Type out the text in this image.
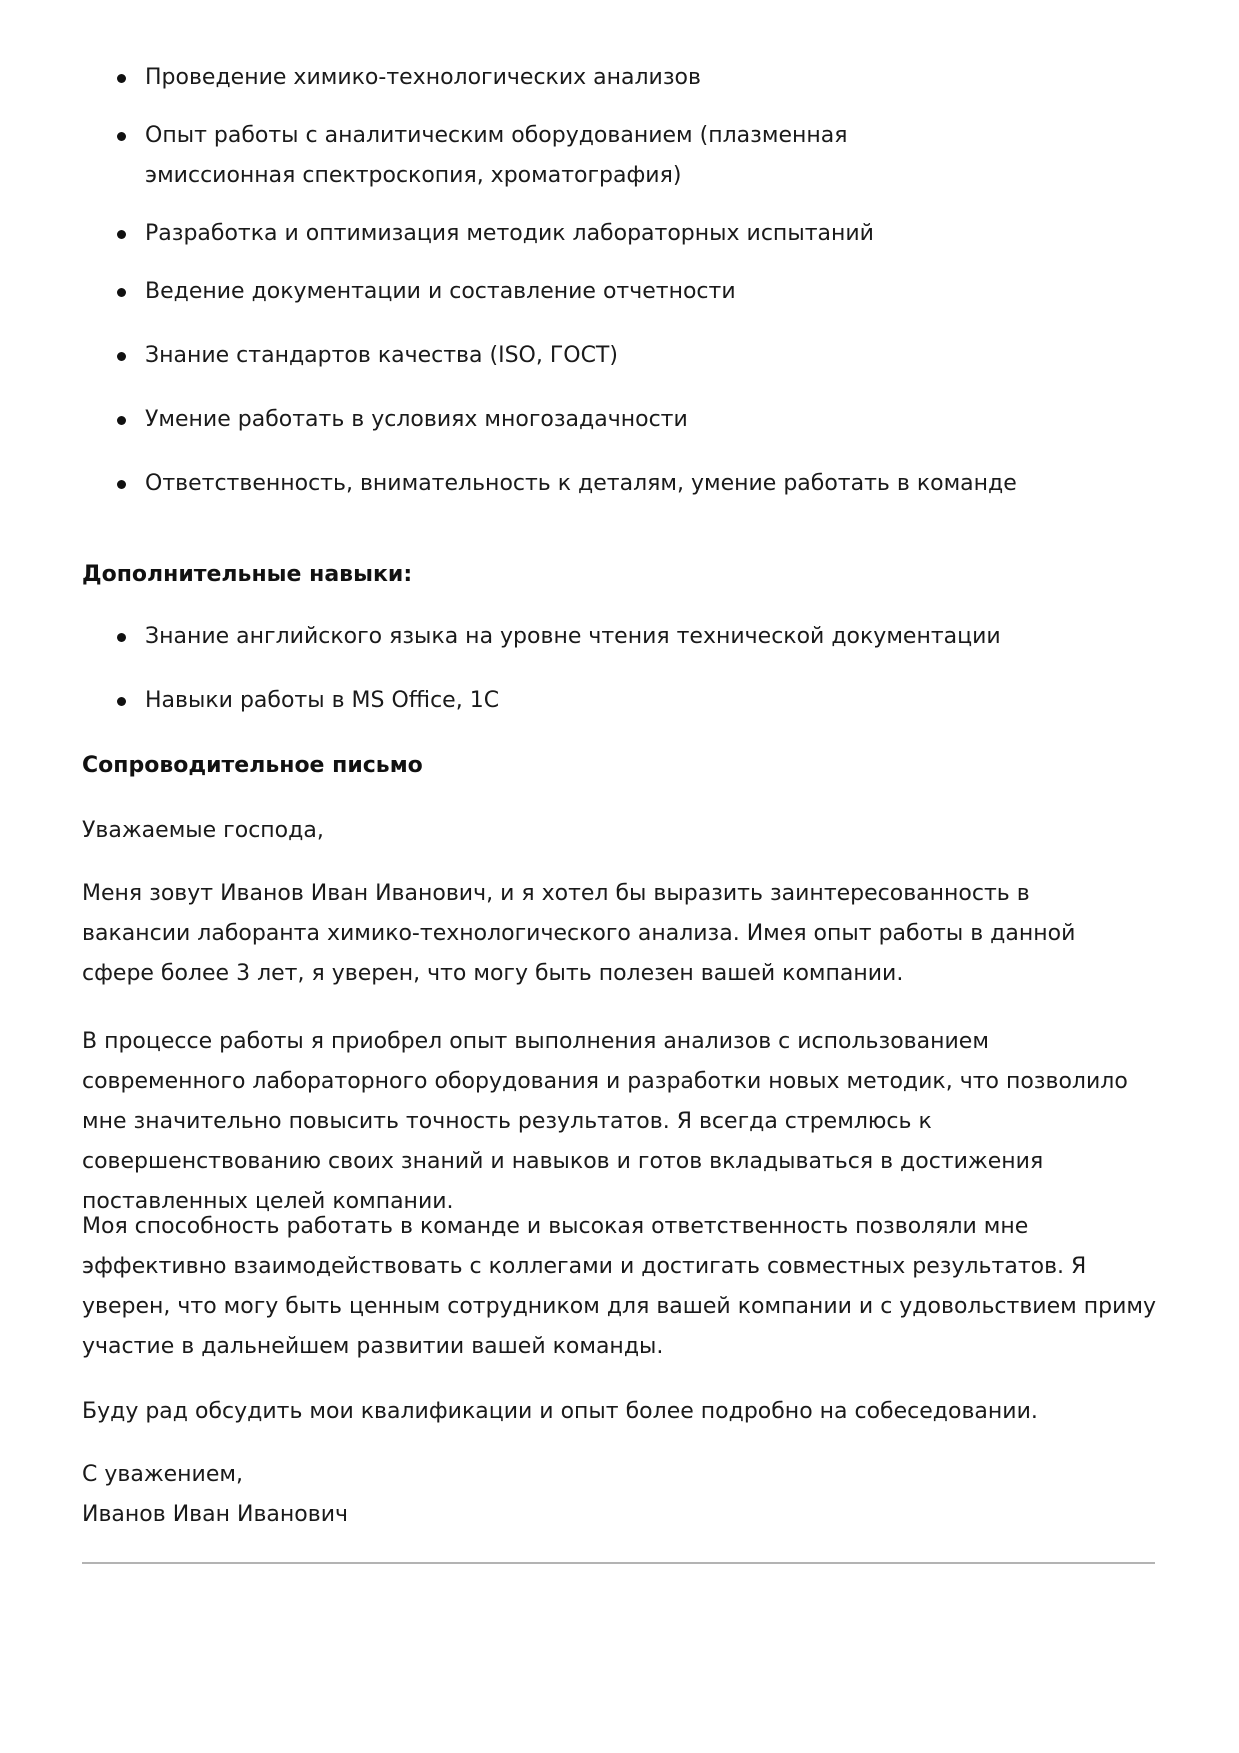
Проведение химико-технологических анализов
Опыт работы с аналитическим оборудованием (плазменная эмиссионная спектроскопия, хроматография)
Разработка и оптимизация методик лабораторных испытаний
Ведение документации и составление отчетности
Знание стандартов качества (ISO, ГОСТ)
Умение работать в условиях многозадачности
Ответственность, внимательность к деталям, умение работать в команде
Дополнительные навыки:
Знание английского языка на уровне чтения технической документации
Навыки работы в MS Office, 1С
Сопроводительное письмо

Уважаемые господа,

Меня зовут Иванов Иван Иванович, и я хотел бы выразить заинтересованность в вакансии лаборанта химико-технологического анализа. Имея опыт работы в данной сфере более 3 лет, я уверен, что могу быть полезен вашей компании.

В процессе работы я приобрел опыт выполнения анализов с использованием современного лабораторного оборудования и разработки новых методик, что позволило мне значительно повысить точность результатов. Я всегда стремлюсь к совершенствованию своих знаний и навыков и готов вкладываться в достижения поставленных целей компании.

Моя способность работать в команде и высокая ответственность позволяли мне эффективно взаимодействовать с коллегами и достигать совместных результатов. Я уверен, что могу быть ценным сотрудником для вашей компании и с удовольствием приму участие в дальнейшем развитии вашей команды.

Буду рад обсудить мои квалификации и опыт более подробно на собеседовании.

С уважением,

Иванов Иван Иванович
